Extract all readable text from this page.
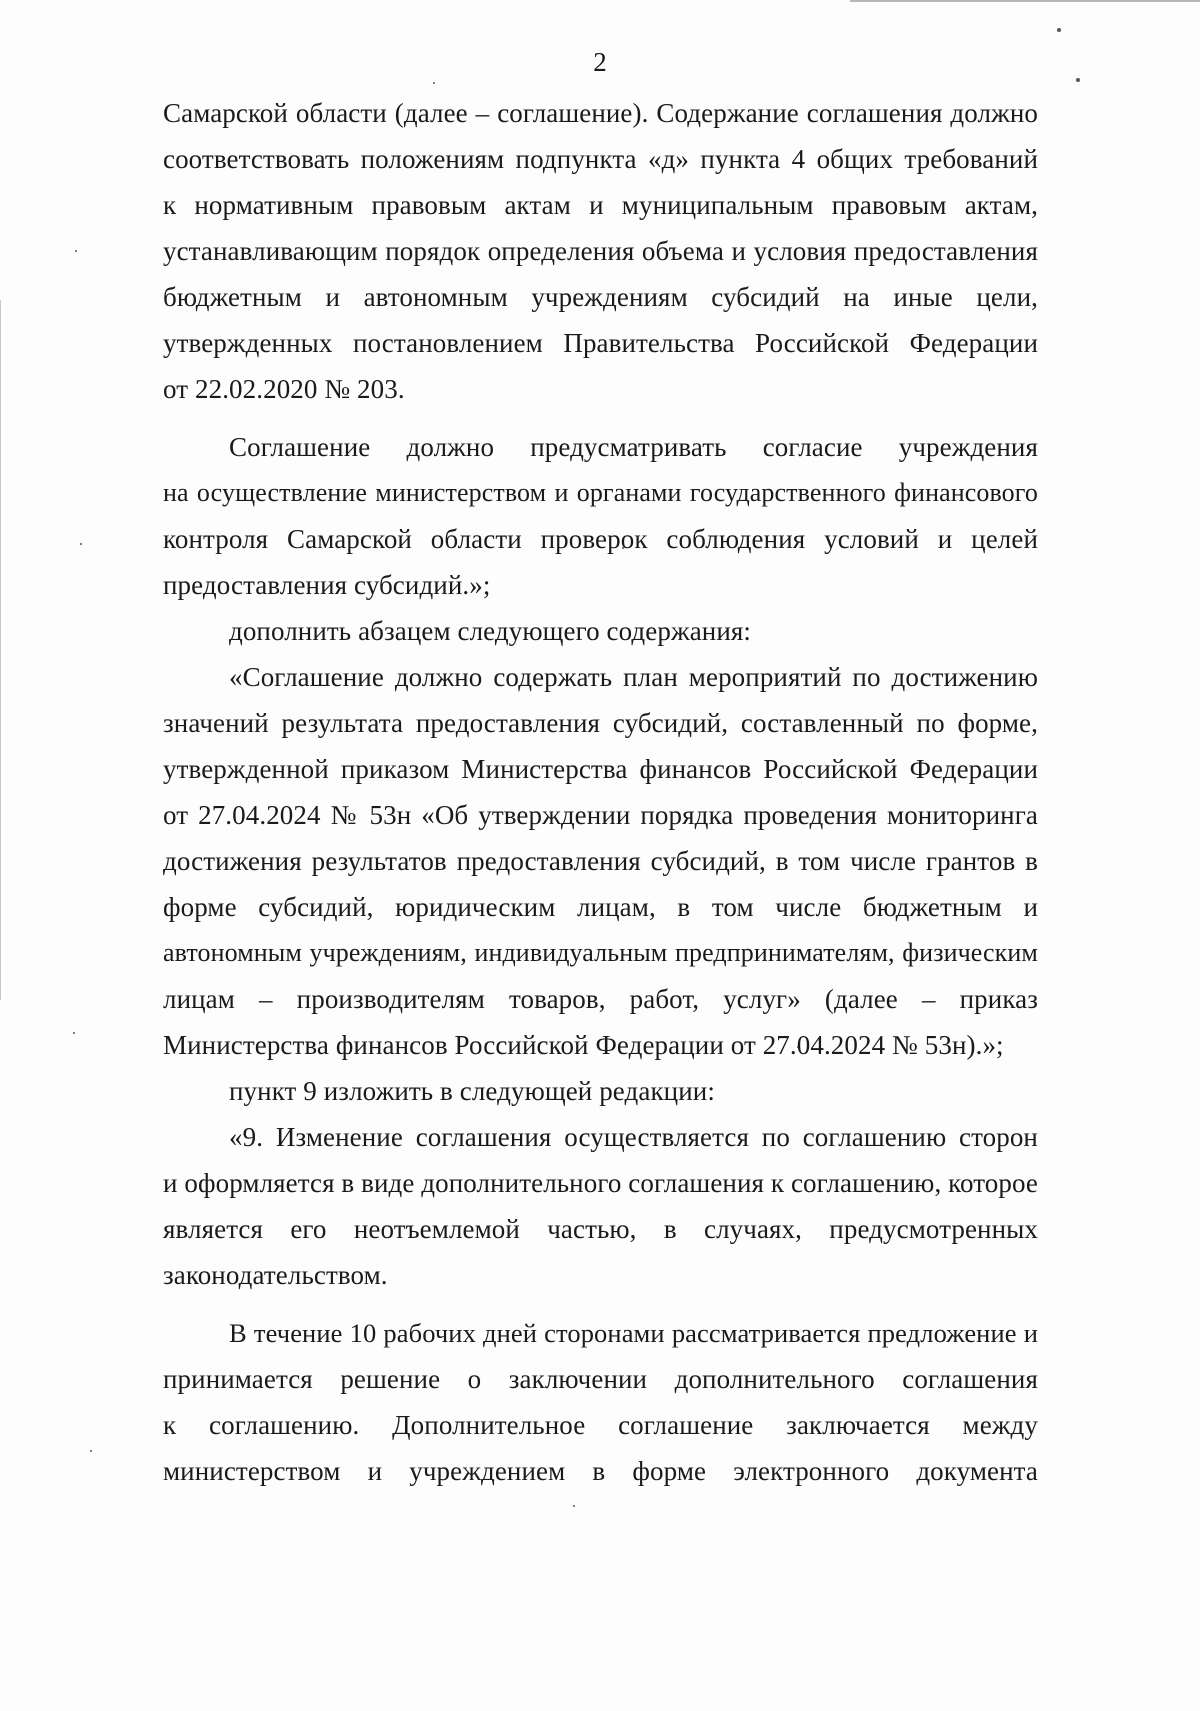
2
Самарской области (далее – соглашение). Содержание соглашения должно
соответствовать положениям подпункта «д» пункта 4 общих требований
к нормативным правовым актам и муниципальным правовым актам,
устанавливающим порядок определения объема и условия предоставления
бюджетным и автономным учреждениям субсидий на иные цели,
утвержденных постановлением Правительства Российской Федерации
от 22.02.2020 № 203.
Соглашение должно предусматривать согласие учреждения
на осуществление министерством и органами государственного финансового
контроля Самарской области проверок соблюдения условий и целей
предоставления субсидий.»;
дополнить абзацем следующего содержания:
«Соглашение должно содержать план мероприятий по достижению
значений результата предоставления субсидий, составленный по форме,
утвержденной приказом Министерства финансов Российской Федерации
от 27.04.2024 № 53н «Об утверждении порядка проведения мониторинга
достижения результатов предоставления субсидий, в том числе грантов в
форме субсидий, юридическим лицам, в том числе бюджетным и
автономным учреждениям, индивидуальным предпринимателям, физическим
лицам – производителям товаров, работ, услуг» (далее – приказ
Министерства финансов Российской Федерации от 27.04.2024 № 53н).»;
пункт 9 изложить в следующей редакции:
«9. Изменение соглашения осуществляется по соглашению сторон
и оформляется в виде дополнительного соглашения к соглашению, которое
является его неотъемлемой частью, в случаях, предусмотренных
законодательством.
В течение 10 рабочих дней сторонами рассматривается предложение и
принимается решение о заключении дополнительного соглашения
к соглашению. Дополнительное соглашение заключается между
министерством и учреждением в форме электронного документа
